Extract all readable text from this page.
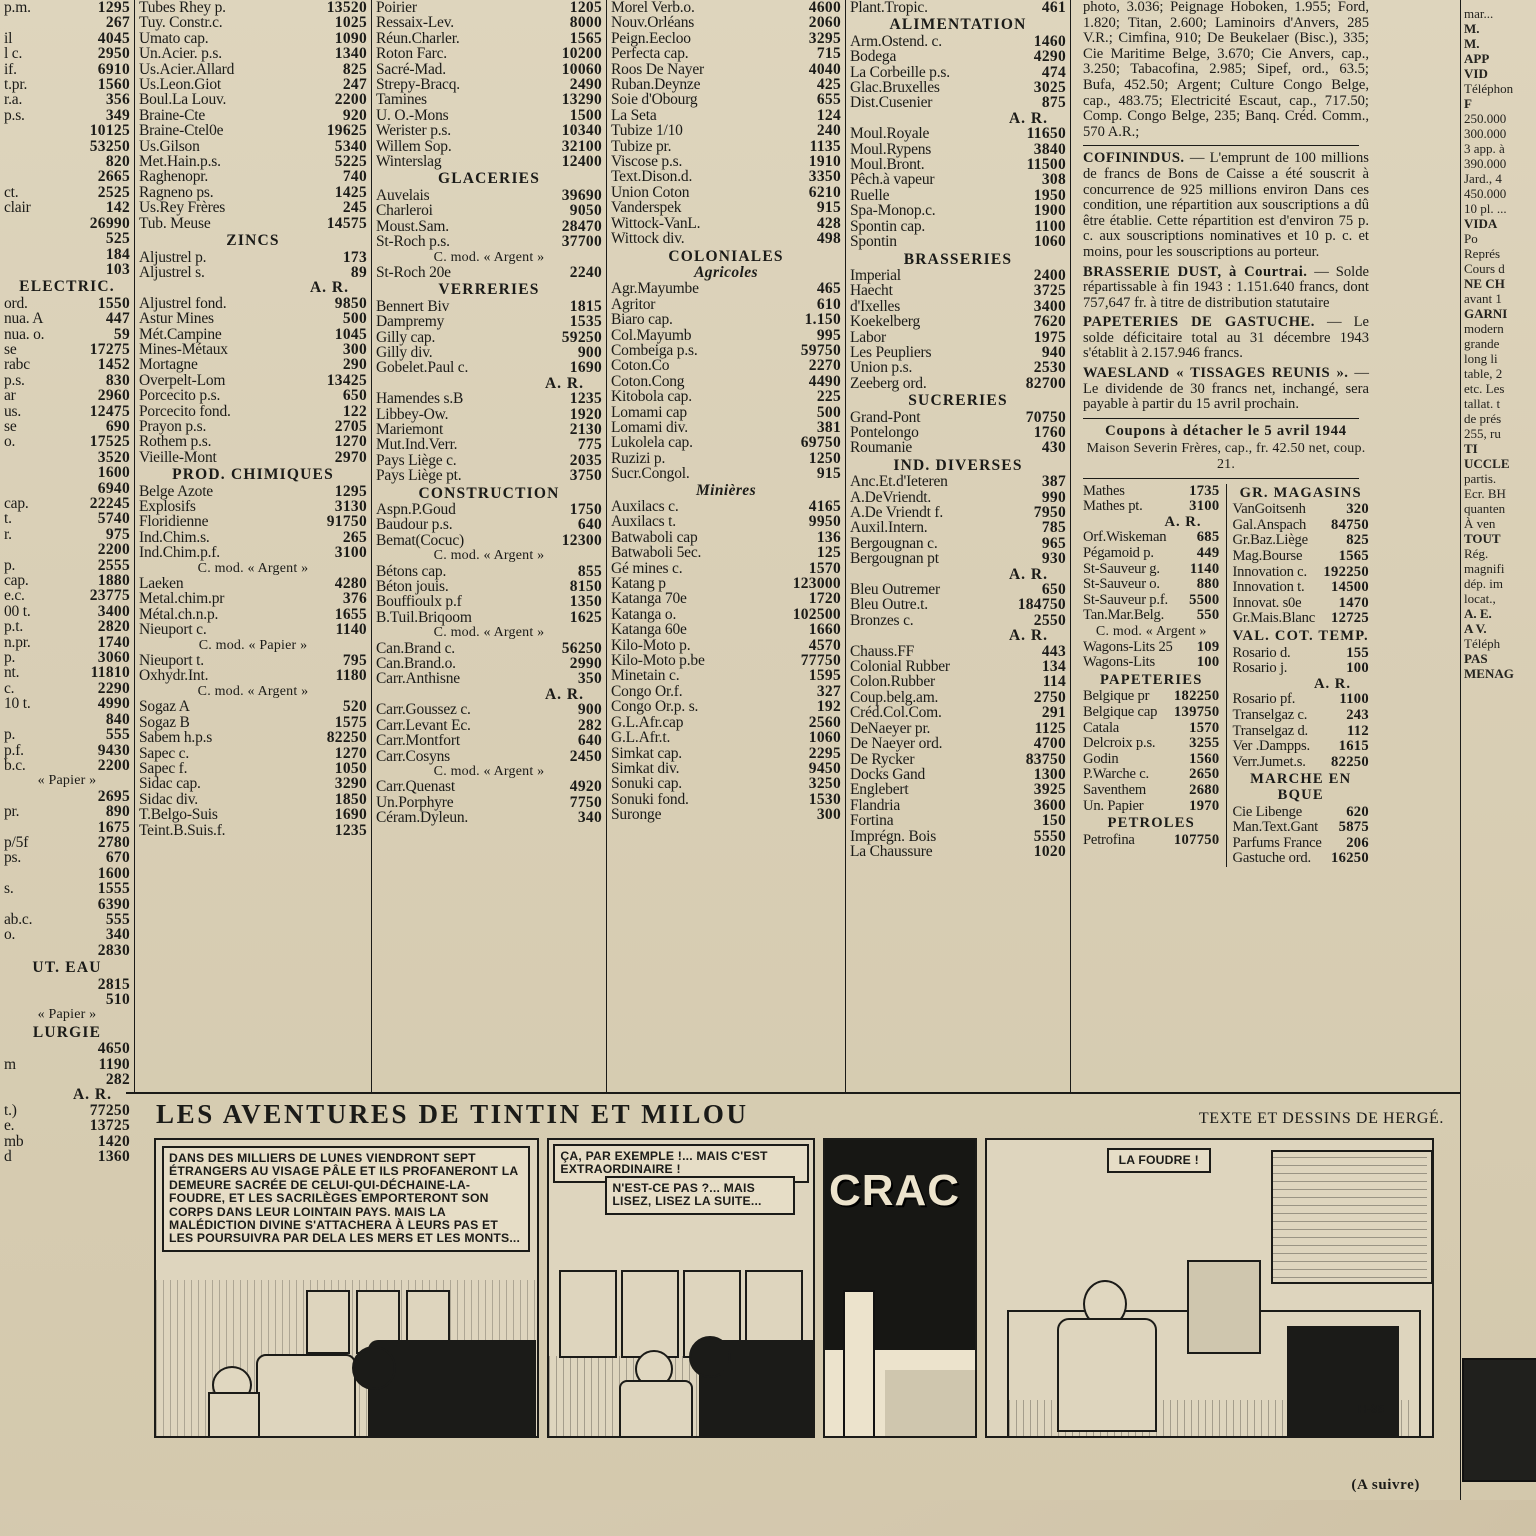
p.m.	1295
267
il	4045
l c.	2950
if.	6910
t.pr.	1560
r.a.	356
p.s.	349
10125
53250
820
2665
ct.	2525
clair	142
26990
525
184
103
ELECTRIC.
ord.	1550
nua. A	447
nua. o.	59
se	17275
rabc	1452
p.s.	830
ar	2960
us.	12475
se	690
o.	17525
3520
1600
6940
cap.	22245
t.	5740
r.	975
2200
p.	2555
cap.	1880
e.c.	23775
00 t.	3400
p.t.	2820
n.pr.	1740
p.	3060
nt.	11810
c.	2290
10 t.	4990
840
p.	555
p.f.	9430
b.c.	2200
« Papier »
2695
pr.	890
1675
p/5f	2780
ps.	670
1600
s.	1555
6390
ab.c.	555
o.	340
2830
UT. EAU
2815
510
« Papier »
LURGIE
4650
m	1190
282
A. R.
t.)	77250
e.	13725
mb	1420
d	1360
Tubes Rhey p.	13520
Tuy. Constr.c.	1025
Umato cap.	1090
Un.Acier. p.s.	1340
Us.Acier.Allard	825
Us.Leon.Giot	247
Boul.La Louv.	2200
Braine-Cte	920
Braine-Ctel0e	19625
Us.Gilson	5340
Met.Hain.p.s.	5225
Raghenopr.	740
Ragneno ps.	1425
Us.Rey Frères	245
Tub. Meuse	14575
ZINCS
Aljustrel p.	173
Aljustrel s.	89
A. R.
Aljustrel fond.	9850
Astur Mines	500
Mét.Campine	1045
Mines-Métaux	300
Mortagne	290
Overpelt-Lom	13425
Porcecito p.s.	650
Porcecito fond.	122
Prayon p.s.	2705
Rothem p.s.	1270
Vieille-Mont	2970
PROD. CHIMIQUES
Belge Azote	1295
Explosifs	3130
Floridienne	91750
Ind.Chim.s.	265
Ind.Chim.p.f.	3100
C. mod. « Argent »
Laeken	4280
Metal.chim.pr	376
Métal.ch.n.p.	1655
Nieuport c.	1140
C. mod. « Papier »
Nieuport t.	795
Oxhydr.Int.	1180
C. mod. « Argent »
Sogaz A	520
Sogaz B	1575
Sabem h.p.s	82250
Sapec c.	1270
Sapec f.	1050
Sidac cap.	3290
Sidac div.	1850
T.Belgo-Suis	1690
Teint.B.Suis.f.	1235
Poirier	1205
Ressaix-Lev.	8000
Réun.Charler.	1565
Roton Farc.	10200
Sacré-Mad.	10060
Strepy-Bracq.	2490
Tamines	13290
U. O.-Mons	1500
Werister p.s.	10340
Willem Sop.	32100
Winterslag	12400
GLACERIES
Auvelais	39690
Charleroi	9050
Moust.Sam.	28470
St-Roch p.s.	37700
C. mod. « Argent »
St-Roch 20e	2240
VERRERIES
Bennert Biv	1815
Dampremy	1535
Gilly cap.	59250
Gilly div.	900
Gobelet.Paul c.	1690
A. R.
Hamendes s.B	1235
Libbey-Ow.	1920
Mariemont	2130
Mut.Ind.Verr.	775
Pays Liège c.	2035
Pays Liège pt.	3750
CONSTRUCTION
Aspn.P.Goud	1750
Baudour p.s.	640
Bemat(Cocuc)	12300
C. mod. « Argent »
Bétons cap.	855
Béton jouis.	8150
Bouffioulx p.f	1350
B.Tuil.Briqoom	1625
C. mod. « Argent »
Can.Brand c.	56250
Can.Brand.o.	2990
Carr.Anthisne	350
A. R.
Carr.Goussez c.	900
Carr.Levant Ec.	282
Carr.Montfort	640
Carr.Cosyns	2450
C. mod. « Argent »
Carr.Quenast	4920
Un.Porphyre	7750
Céram.Dyleun.	340
Morel Verb.o.	4600
Nouv.Orléans	2060
Peign.Eecloo	3295
Perfecta cap.	715
Roos De Nayer	4040
Ruban.Deynze	425
Soie d'Obourg	655
La Seta	124
Tubize 1/10	240
Tubize pr.	1135
Viscose p.s.	1910
Text.Dison.d.	3350
Union Coton	6210
Vanderspek	915
Wittock-VanL.	428
Wittock div.	498
COLONIALES
Agricoles
Agr.Mayumbe	465
Agritor	610
Biaro cap.	1.150
Col.Mayumb	995
Combeiga p.s.	59750
Coton.Co	2270
Coton.Cong	4490
Kitobola cap.	225
Lomami cap	500
Lomami div.	381
Lukolela cap.	69750
Ruzizi p.	1250
Sucr.Congol.	915
Minières
Auxilacs c.	4165
Auxilacs t.	9950
Batwaboli cap	136
Batwaboli 5ec.	125
Gé mines c.	1570
Katang p	123000
Katanga 70e	1720
Katanga o.	102500
Katanga 60e	1660
Kilo-Moto p.	4570
Kilo-Moto p.be	77750
Minetain c.	1595
Congo Or.f.	327
Congo Or.p. s.	192
G.L.Afr.cap	2560
G.L.Afr.t.	1060
Simkat cap.	2295
Simkat div.	9450
Sonuki cap.	3250
Sonuki fond.	1530
Suronge	300
Plant.Tropic.	461
ALIMENTATION
Arm.Ostend. c.	1460
Bodega	4290
La Corbeille p.s.	474
Glac.Bruxelles	3025
Dist.Cusenier	875
A. R.
Moul.Royale	11650
Moul.Rypens	3840
Moul.Bront.	11500
Pêch.à vapeur	308
Ruelle	1950
Spa-Monop.c.	1900
Spontin cap.	1100
Spontin	1060
BRASSERIES
Imperial	2400
Haecht	3725
d'Ixelles	3400
Koekelberg	7620
Labor	1975
Les Peupliers	940
Union p.s.	2530
Zeeberg ord.	82700
SUCRERIES
Grand-Pont	70750
Pontelongo	1760
Roumanie	430
IND. DIVERSES
Anc.Et.d'Ieteren	387
A.DeVriendt.	990
A.De Vriendt f.	7950
Auxil.Intern.	785
Bergougnan c.	965
Bergougnan pt	930
A. R.
Bleu Outremer	650
Bleu Outre.t.	184750
Bronzes c.	2550
A. R.
Chauss.FF	443
Colonial Rubber	134
Colon.Rubber	114
Coup.belg.am.	2750
Créd.Col.Com.	291
DeNaeyer pr.	1125
De Naeyer ord.	4700
De Rycker	83750
Docks Gand	1300
Englebert	3925
Flandria	3600
Fortina	150
Imprégn. Bois	5550
La Chaussure	1020

photo, 3.036; Peignage Hoboken, 1.955; Ford, 1.820; Titan, 2.600; Laminoirs d'Anvers, 285 V.R.; Cimfina, 910; De Beukelaer (Bisc.), 335; Cie Maritime Belge, 3.670; Cie Anvers, cap., 3.250; Tabacofina, 2.985; Sipef, ord., 63.5; Bufa, 452.50; Argent; Culture Congo Belge, cap., 483.75; Electricité Escaut, cap., 717.50; Comp. Congo Belge, 235; Banq. Créd. Comm., 570 A.R.;

COFININDUS. — L'emprunt de 100 millions de francs de Bons de Caisse a été souscrit à concurrence de 925 millions environ Dans ces condition, une répartition aux souscriptions a dû être établie. Cette répartition est d'environ 75 p. c. aux souscriptions nominatives et 10 p. c. et moins, pour les souscriptions au porteur.

BRASSERIE DUST, à Courtrai. — Solde répartissable à fin 1943 : 1.151.640 francs, dont 757,647 fr. à titre de distribution statutaire

PAPETERIES DE GASTUCHE. — Le solde déficitaire total au 31 décembre 1943 s'établit à 2.157.946 francs.

WAESLAND « TISSAGES REUNIS ». — Le dividende de 30 francs net, inchangé, sera payable à partir du 15 avril prochain.

Coupons à détacher le 5 avril 1944
Maison Severin Frères, cap., fr. 42.50 net, coup. 21.
Mathes	1735
Mathes pt.	3100
A. R.
Orf.Wiskeman 685
Pégamoid p.	449
St-Sauveur g. 1140
St-Sauveur o.	880
St-Sauveur p.f. 5500
Tan.Mar.Belg. 550
C. mod. « Argent »
Wagons-Lits 25 109
Wagons-Lits	100
PAPETERIES
Belgique pr 182250
Belgique cap 139750
Catala	1570
Delcroix p.s. 3255
Godin	1560
P.Warche c.	2650
Saventhem	2680
Un. Papier	1970
PETROLES
Petrofina	107750
GR. MAGASINS
VanGoitsenh	320
Gal.Anspach 84750
Gr.Baz.Liège	825
Mag.Bourse 1565
Innovation c. 192250
Innovation t. 14500
Innovat. s0e	1470
Gr.Mais.Blanc 12725
VAL. COT. TEMP.
Rosario d.	155
Rosario j.	100
A. R.
Rosario pf.	1100
Transelgaz c.	243
Transelgaz d.	112
Ver .Dampps. 1615
Verr.Jumet.s. 82250
MARCHE EN BQUE
Cie Libenge	620
Man.Text.Gant 5875
Parfums France 206
Gastuche ord. 16250
mar...
M.
M.
APP
VID
Téléphon
F
250.000
300.000
3 app. à
390.000
Jard., 4
450.000
10 pl. ...
VIDA
Po
Représ
Cours d
NE CH
avant 1
GARNI
modern
grande
long li
table, 2
etc. Les
tallat. t
de prés
255, ru
TI
UCCLE
partis.
Ecr. BH
quanten
À ven
TOUT
Rég.
magnifi
dép. im
locat.,
A. E.
A V.
Téléph
PAS
MENAG
LES AVENTURES DE TINTIN ET MILOU	TEXTE ET DESSINS DE HERGÉ.
DANS DES MILLIERS DE LUNES VIENDRONT SEPT ÉTRANGERS AU VISAGE PÂLE ET ILS PROFANERONT LA DEMEURE SACRÉE DE CELUI-QUI-DÉCHAINE-LA-FOUDRE, ET LES SACRILÈGES EMPORTERONT SON CORPS DANS LEUR LOINTAIN PAYS. MAIS LA MALÉDICTION DIVINE S'ATTACHERA À LEURS PAS ET LES POURSUIVRA PAR DELA LES MERS ET LES MONTS...
ÇA, PAR EXEMPLE !... MAIS C'EST EXTRAORDINAIRE !
N'EST-CE PAS ?... MAIS LISEZ, LISEZ LA SUITE...	CRAC
LA FOUDRE !
H-95
(A suivre)
